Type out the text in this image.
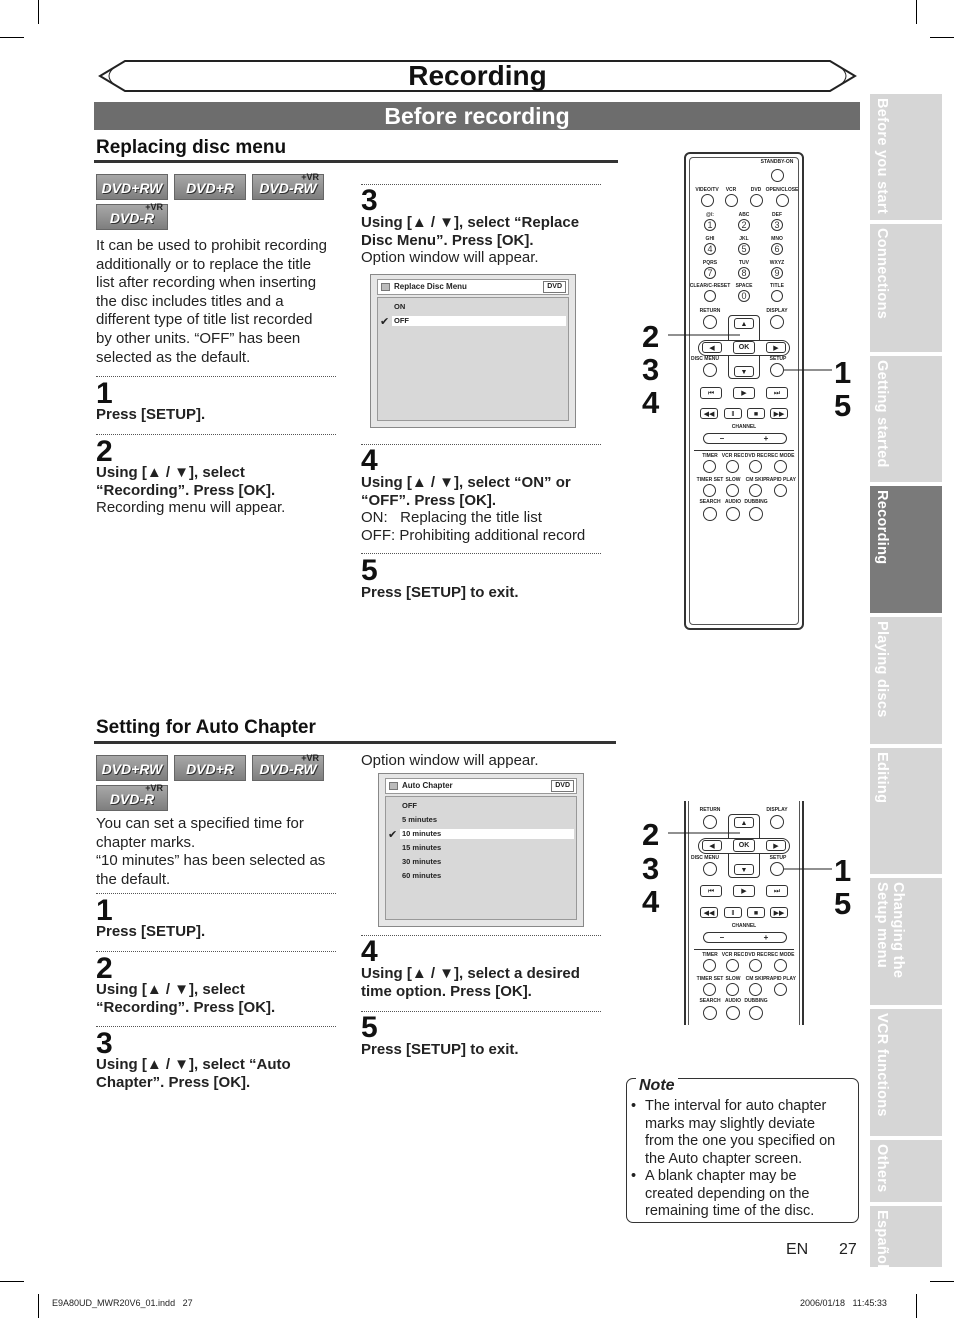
Recording
Before recording
Replacing disc menu
DVD+RW	DVD+R
+VR
DVD-RW
+VR
DVD-R
It can be used to prohibit recording
additionally or to replace the title
list after recording when inserting
the disc includes titles and a
different type of title list recorded
by other units. “OFF” has been
selected as the default.
1
Press [SETUP].
2
Using [▲ / ▼], select
“Recording”. Press [OK].
Recording menu will appear.
3
Using [▲ / ▼], select “Replace
Disc Menu”. Press [OK].
Option window will appear.
Replace Disc Menu	DVD
ON
OFF
✔
4
Using [▲ / ▼], select “ON” or
“OFF”. Press [OK].
ON:   Replacing the title list
OFF: Prohibiting additional record
5
Press [SETUP] to exit.
Setting for Auto Chapter
DVD+RW	DVD+R
+VR
DVD-RW
+VR
DVD-R
You can set a specified time for
chapter marks.
“10 minutes” has been selected as
the default.
1
Press [SETUP].
2
Using [▲ / ▼], select
“Recording”. Press [OK].
3
Using [▲ / ▼], select “Auto
Chapter”. Press [OK].
Option window will appear.
Auto Chapter	DVD
OFF
5 minutes
10 minutes
✔
15 minutes
30 minutes
60 minutes
4
Using [▲ / ▼], select a desired
time option. Press [OK].
5
Press [SETUP] to exit.
STANDBY-ON
VIDEO/TV VCR	DVD OPEN/CLOSE
@/:	ABC	DEF
1	2	3
GHI	JKL	MNO
4	5	6
PQRS	TUV	WXYZ
7	8	9
CLEAR/C-RESET SPACE	TITLE
0
RETURN	DISPLAY
▲
▼
◀	▶
OK
DISC MENU	SETUP
⏮	▶	⏭
◀◀	Ⅱ	■	▶▶
CHANNEL
–	+
TIMER VCR REC DVD REC REC MODE
TIMER SET SLOW CM SKIP RAPID PLAY
SEARCH AUDIO DUBBING
2
3
4
1
5
RETURN	DISPLAY
▲
▼
◀	▶
OK
DISC MENU	SETUP
⏮	▶	⏭
◀◀	Ⅱ	■	▶▶
CHANNEL
–	+
TIMER VCR REC DVD REC REC MODE
TIMER SET SLOW CM SKIP RAPID PLAY
SEARCH AUDIO DUBBING
2
3
4
1
5
Note
• The interval for auto chapter
marks may slightly deviate
from the one you specified on
the Auto chapter screen.
• A blank chapter may be
created depending on the
remaining time of the disc.
Before you start
Connections
Getting started
Recording
Playing discs
Editing
Changing the
Setup menu
VCR functions
Others
Español
EN 27
E9A80UD_MWR20V6_01.indd   27	2006/01/18   11:45:33
